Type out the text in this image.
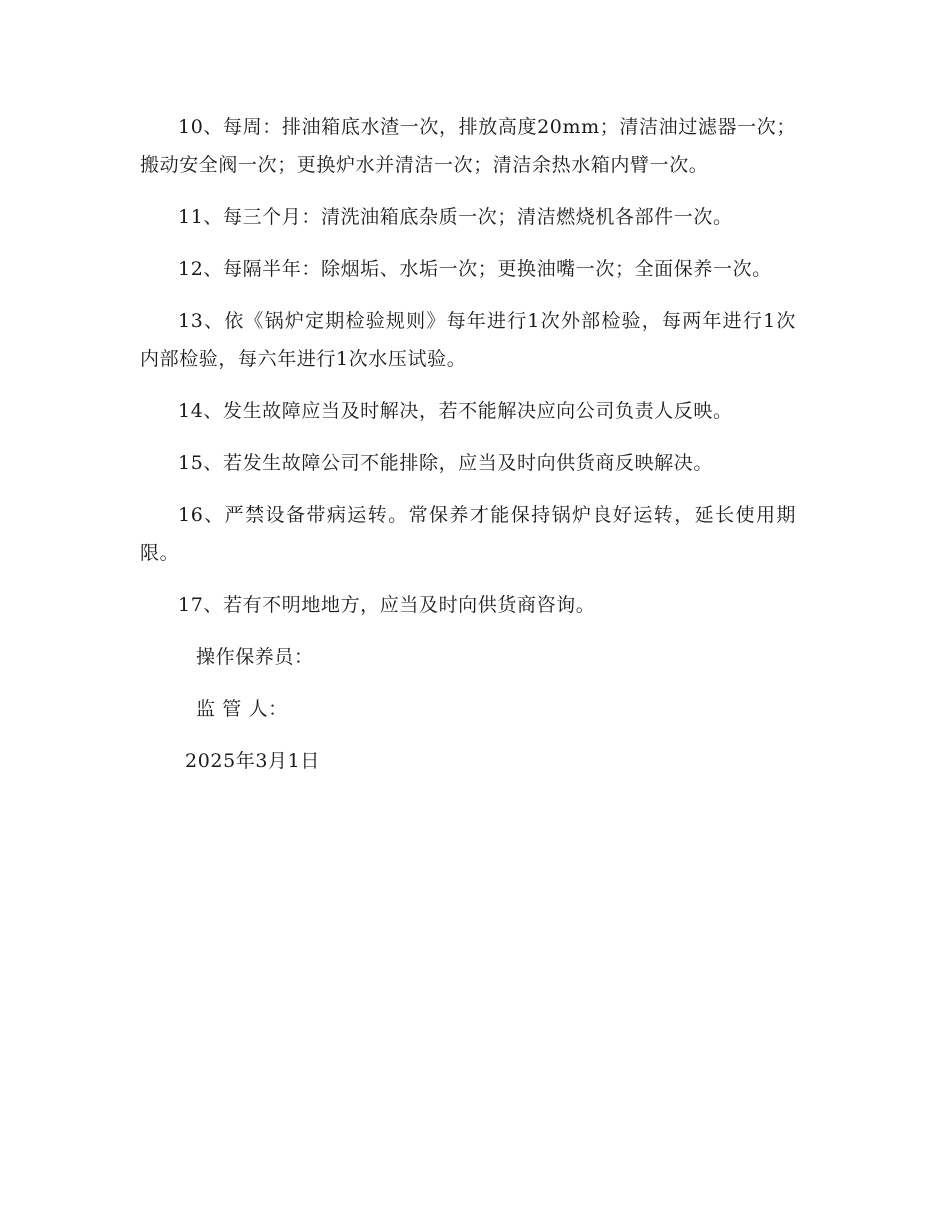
10、每周：排油箱底水渣一次，排放高度20mm；清洁油过滤器一次；搬动安全阀一次；更换炉水并清洁一次；清洁余热水箱内臂一次。

11、每三个月：清洗油箱底杂质一次；清洁燃烧机各部件一次。

12、每隔半年：除烟垢、水垢一次；更换油嘴一次；全面保养一次。

13、依《锅炉定期检验规则》每年进行1次外部检验，每两年进行1次内部检验，每六年进行1次水压试验。

14、发生故障应当及时解决，若不能解决应向公司负责人反映。

15、若发生故障公司不能排除，应当及时向供货商反映解决。

16、严禁设备带病运转。常保养才能保持锅炉良好运转，延长使用期限。

17、若有不明地地方，应当及时向供货商咨询。

操作保养员：

监 管 人：

2025年3月1日
